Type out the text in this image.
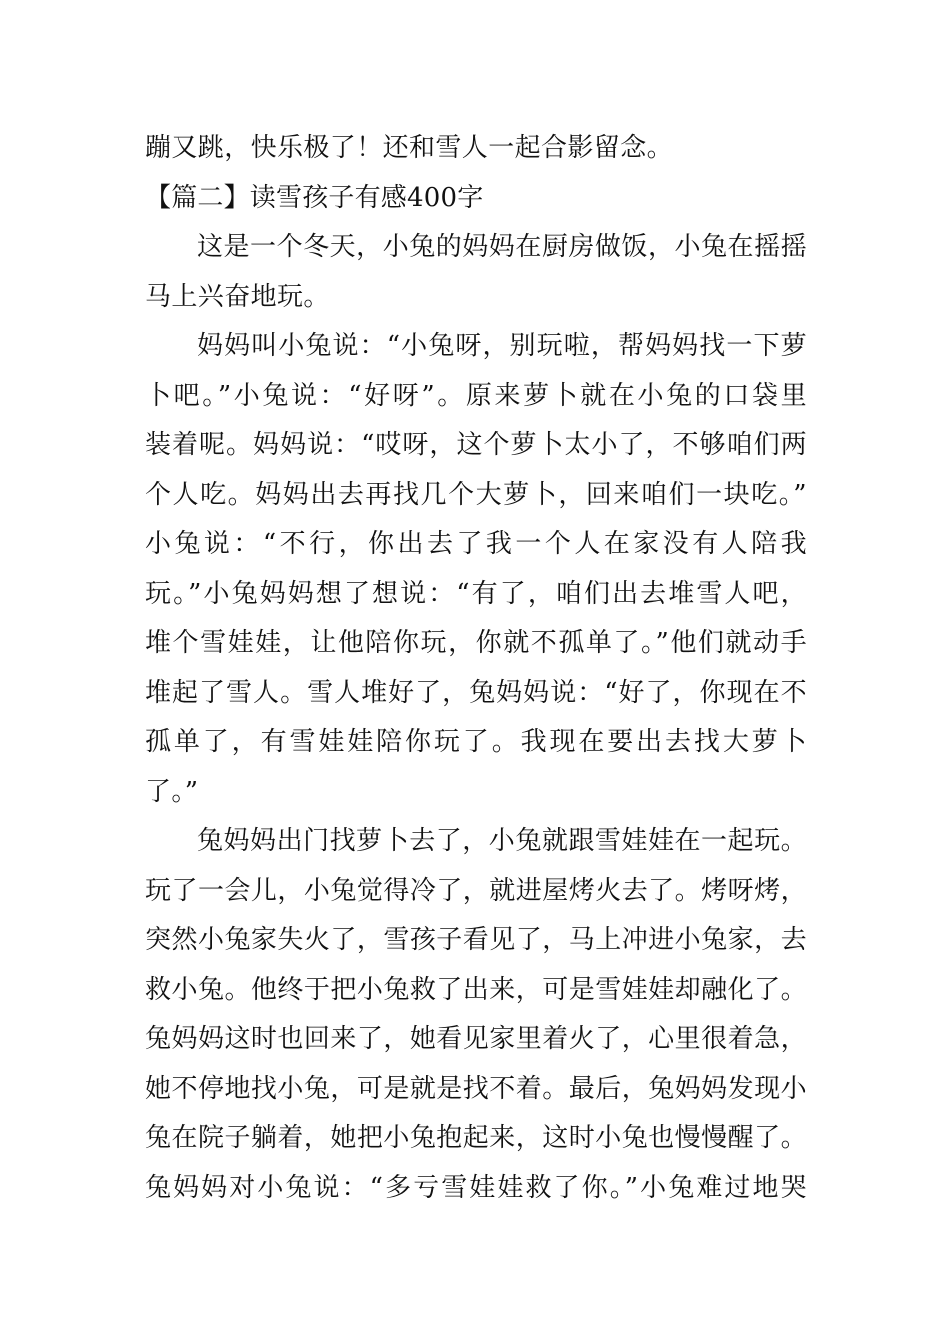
蹦又跳，快乐极了！还和雪人一起合影留念。
【篇二】读雪孩子有感400字
这是一个冬天，小兔的妈妈在厨房做饭，小兔在摇摇
马上兴奋地玩。
妈妈叫小兔说：“小兔呀，别玩啦，帮妈妈找一下萝
卜吧。”小兔说：“好呀”。原来萝卜就在小兔的口袋里
装着呢。妈妈说：“哎呀，这个萝卜太小了，不够咱们两
个人吃。妈妈出去再找几个大萝卜，回来咱们一块吃。”
小兔说：“不行，你出去了我一个人在家没有人陪我
玩。”小兔妈妈想了想说：“有了，咱们出去堆雪人吧，
堆个雪娃娃，让他陪你玩，你就不孤单了。”他们就动手
堆起了雪人。雪人堆好了，兔妈妈说：“好了，你现在不
孤单了，有雪娃娃陪你玩了。我现在要出去找大萝卜
了。”
兔妈妈出门找萝卜去了，小兔就跟雪娃娃在一起玩。
玩了一会儿，小兔觉得冷了，就进屋烤火去了。烤呀烤，
突然小兔家失火了，雪孩子看见了，马上冲进小兔家，去
救小兔。他终于把小兔救了出来，可是雪娃娃却融化了。
兔妈妈这时也回来了，她看见家里着火了，心里很着急，
她不停地找小兔，可是就是找不着。最后，兔妈妈发现小
兔在院子躺着，她把小兔抱起来，这时小兔也慢慢醒了。
兔妈妈对小兔说：“多亏雪娃娃救了你。”小兔难过地哭
